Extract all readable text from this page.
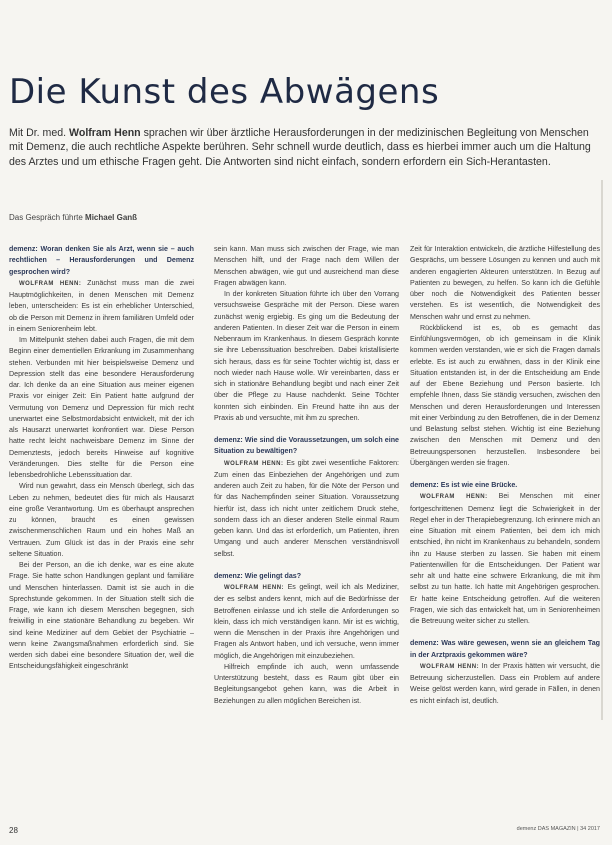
Die Kunst des Abwägens
Mit Dr. med. Wolfram Henn sprachen wir über ärztliche Herausforderungen in der medizinischen Begleitung von Menschen mit Demenz, die auch rechtliche Aspekte berühren. Sehr schnell wurde deutlich, dass es hierbei immer auch um die Haltung des Arztes und um ethische Fragen geht. Die Antworten sind nicht einfach, sondern erfordern ein Sich-Herantasten.
Das Gespräch führte Michael Ganß

demenz: Woran denken Sie als Arzt, wenn sie – auch rechtlichen – Herausforderungen und Demenz gesprochen wird?

WOLFRAM HENN: Zunächst muss man die zwei Hauptmöglichkeiten, in denen Menschen mit Demenz leben, unterscheiden: Es ist ein erheblicher Unterschied, ob die Person mit Demenz in ihrem familiären Umfeld oder in einem Seniorenheim lebt.

Im Mittelpunkt stehen dabei auch Fragen, die mit dem Beginn einer dementiellen Erkrankung im Zusammenhang stehen. Verbunden mit hier beispielsweise Demenz und Depression stellt das eine besondere Herausforderung dar. Ich denke da an eine Situation aus meiner eigenen Praxis vor einiger Zeit: Ein Patient hatte aufgrund der Vermutung von Demenz und Depression für mich recht unerwartet eine Selbstmordabsicht entwickelt, mit der ich als Hausarzt unerwartet konfrontiert war. Diese Person hatte recht leicht nachweisbare Demenz im Sinne der Demenztests, jedoch bereits Hinweise auf kognitive Veränderungen. Dies stellte für die Person eine lebensbedrohliche Lebenssituation dar.

Wird nun gewahrt, dass ein Mensch überlegt, sich das Leben zu nehmen, bedeutet dies für mich als Hausarzt eine große Verantwortung. Um es überhaupt ansprechen zu können, braucht es einen gewissen zwischenmenschlichen Raum und ein hohes Maß an Vertrauen. Zum Glück ist das in der Praxis eine sehr seltene Situation.

Bei der Person, an die ich denke, war es eine akute Frage. Sie hatte schon Handlungen geplant und familiäre und Menschen hinterlassen. Damit ist sie auch in die Sprechstunde gekommen. In der Situation stellt sich die Frage, wie kann ich diesem Menschen begegnen, sich freiwillig in eine stationäre Behandlung zu begeben. Wir sind keine Mediziner auf dem Gebiet der Psychiatrie – wenn keine Zwangsmaßnahmen erforderlich sind. Sie werden sich dabei eine besondere Situation der, weil die Entscheidungsfähigkeit eingeschränkt

sein kann. Man muss sich zwischen der Frage, wie man Menschen hilft, und der Frage nach dem Willen der Menschen abwägen, wie gut und ausreichend man diese Fragen abwägen kann.

In der konkreten Situation führte ich über den Vorrang versuchsweise Gespräche mit der Person. Diese waren zunächst wenig ergiebig. Es ging um die Bedeutung der anderen Patienten. In dieser Zeit war die Person in einem Nebenraum im Krankenhaus. In diesem Gespräch konnte sie ihre Lebenssituation beschreiben. Dabei kristallisierte sich heraus, dass es für seine Tochter wichtig ist, dass er noch wieder nach Hause wolle. Wir vereinbarten, dass er sich in stationäre Behandlung begibt und nach einer Zeit über die Pflege zu Hause nachdenkt. Seine Töchter konnten sich einbinden. Ein Freund hatte ihn aus der Praxis ab und versuchte, mit ihm zu sprechen.

demenz: Wie sind die Voraussetzungen, um solch eine Situation zu bewältigen?

WOLFRAM HENN: Es gibt zwei wesentliche Faktoren: Zum einen das Einbeziehen der Angehörigen und zum anderen auch Zeit zu haben, für die Nöte der Person und für das Nachempfinden seiner Situation. Voraussetzung hierfür ist, dass ich nicht unter zeitlichem Druck stehe, sondern dass ich an dieser anderen Stelle einmal Raum geben kann. Und das ist erforderlich, um Patienten, ihren Umgang und auch anderer Menschen verständnisvoll selbst.

demenz: Wie gelingt das?

WOLFRAM HENN: Es gelingt, weil ich als Mediziner, der es selbst anders kennt, mich auf die Bedürfnisse der Betroffenen einlasse und ich stelle die Anforderungen so klein, dass ich mich verständigen kann. Mir ist es wichtig, wenn die Menschen in der Praxis ihre Angehörigen und Fragen als Antwort haben, und ich versuche, wenn immer möglich, die Angehörigen mit einzubeziehen.

Hilfreich empfinde ich auch, wenn umfassende Unterstützung besteht, dass es Raum gibt über ein Begleitungsangebot gehen kann, was die Arbeit in Beziehungen zu allen möglichen Bereichen ist.

Zeit für Interaktion entwickeln, die ärztliche Hilfestellung des Gesprächs, um bessere Lösungen zu kennen und auch mit anderen engagierten Akteuren unterstützen. In Bezug auf Patienten zu bewegen, zu helfen. So kann ich die Gefühle über noch die Notwendigkeit des Patienten besser verstehen. Es ist wesentlich, die Notwendigkeit des Menschen wahr und ernst zu nehmen.

Rückblickend ist es, ob es gemacht das Einfühlungsvermögen, ob ich gemeinsam in die Klinik kommen werden verstanden, wie er sich die Fragen damals erlebte. Es ist auch zu erwähnen, dass in der Klinik eine Situation entstanden ist, in der die Entscheidung am Ende auf der Ebene Beziehung und Person basierte. Ich empfehle Ihnen, dass Sie ständig versuchen, zwischen den Menschen und deren Herausforderungen und Interessen mit einer Verbindung zu den Betroffenen, die in der Demenz und Belastung selbst stehen. Wichtig ist eine Beziehung zwischen den Menschen mit Demenz und den Betreuungspersonen herzustellen. Insbesondere bei Übergängen werden sie fragen.

demenz: Es ist wie eine Brücke.

WOLFRAM HENN: Bei Menschen mit einer fortgeschrittenen Demenz liegt die Schwierigkeit in der Regel eher in der Therapiebegrenzung. Ich erinnere mich an eine Situation mit einem Patienten, bei dem ich mich entschied, ihn nicht im Krankenhaus zu behandeln, sondern ihn zu Hause sterben zu lassen. Sie haben mit einem Patientenwillen für die Entscheidungen. Der Patient war sehr alt und hatte eine schwere Erkrankung, die mit ihm selbst zu tun hatte. Ich hatte mit Angehörigen gesprochen. Er hatte keine Entscheidung getroffen. Auf die weiteren Fragen, wie sich das entwickelt hat, um in Seniorenheimen die Betreuung weiter sicher zu stellen.

demenz: Was wäre gewesen, wenn sie an gleichem Tag in der Arztpraxis gekommen wäre?

WOLFRAM HENN: In der Praxis hätten wir versucht, die Betreuung sicherzustellen. Dass ein Problem auf andere Weise gelöst werden kann, wird gerade in Fällen, in denen es nicht einfach ist, deutlich.

28	demenz DAS MAGAZIN | 34 2017
